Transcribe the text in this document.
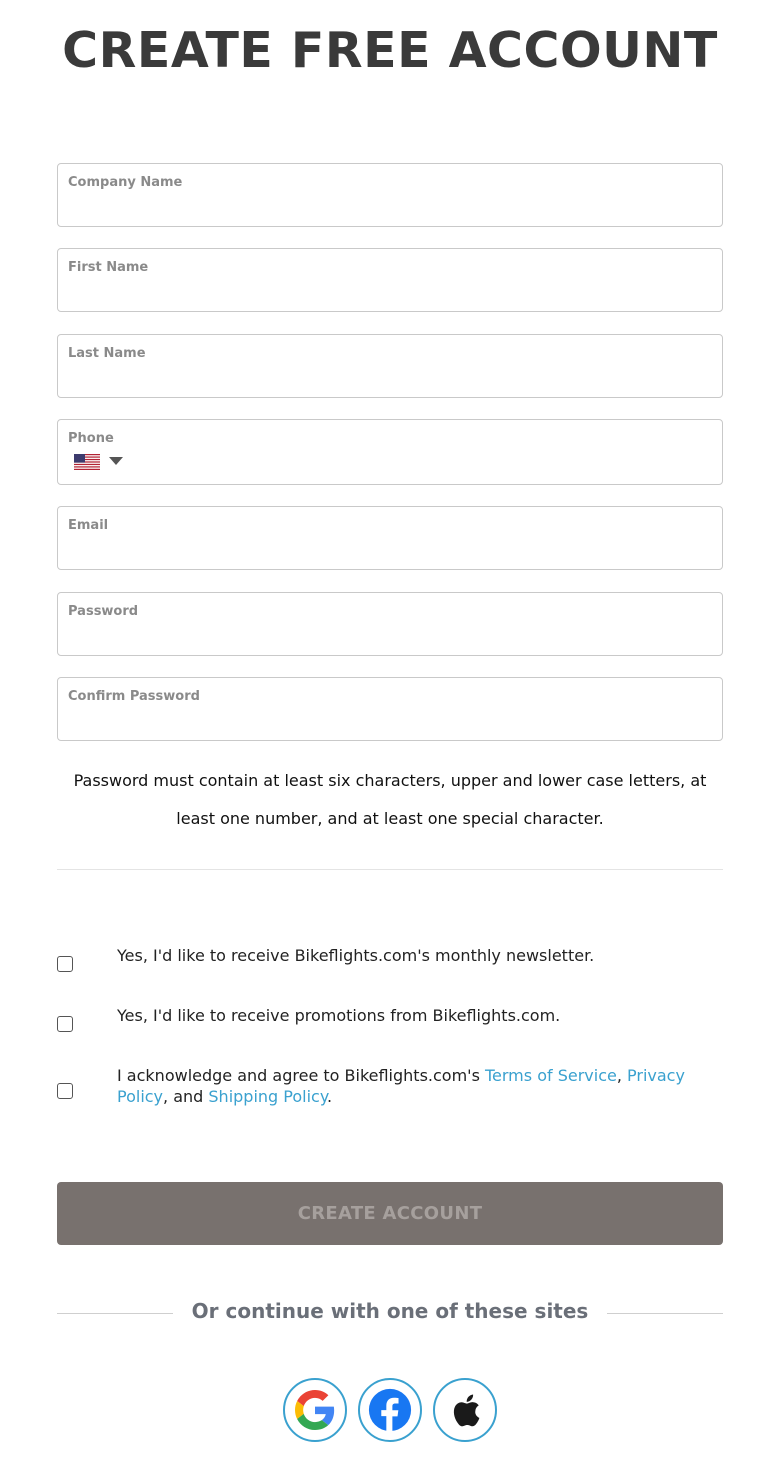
CREATE FREE ACCOUNT
Company Name
First Name
Last Name
Phone
Email
Password
Confirm Password
Password must contain at least six characters, upper and lower case letters, at least one number, and at least one special character.
Yes, I'd like to receive Bikeflights.com's monthly newsletter.
Yes, I'd like to receive promotions from Bikeflights.com.
I acknowledge and agree to Bikeflights.com's Terms of Service, Privacy Policy, and Shipping Policy.
CREATE ACCOUNT
Or continue with one of these sites
